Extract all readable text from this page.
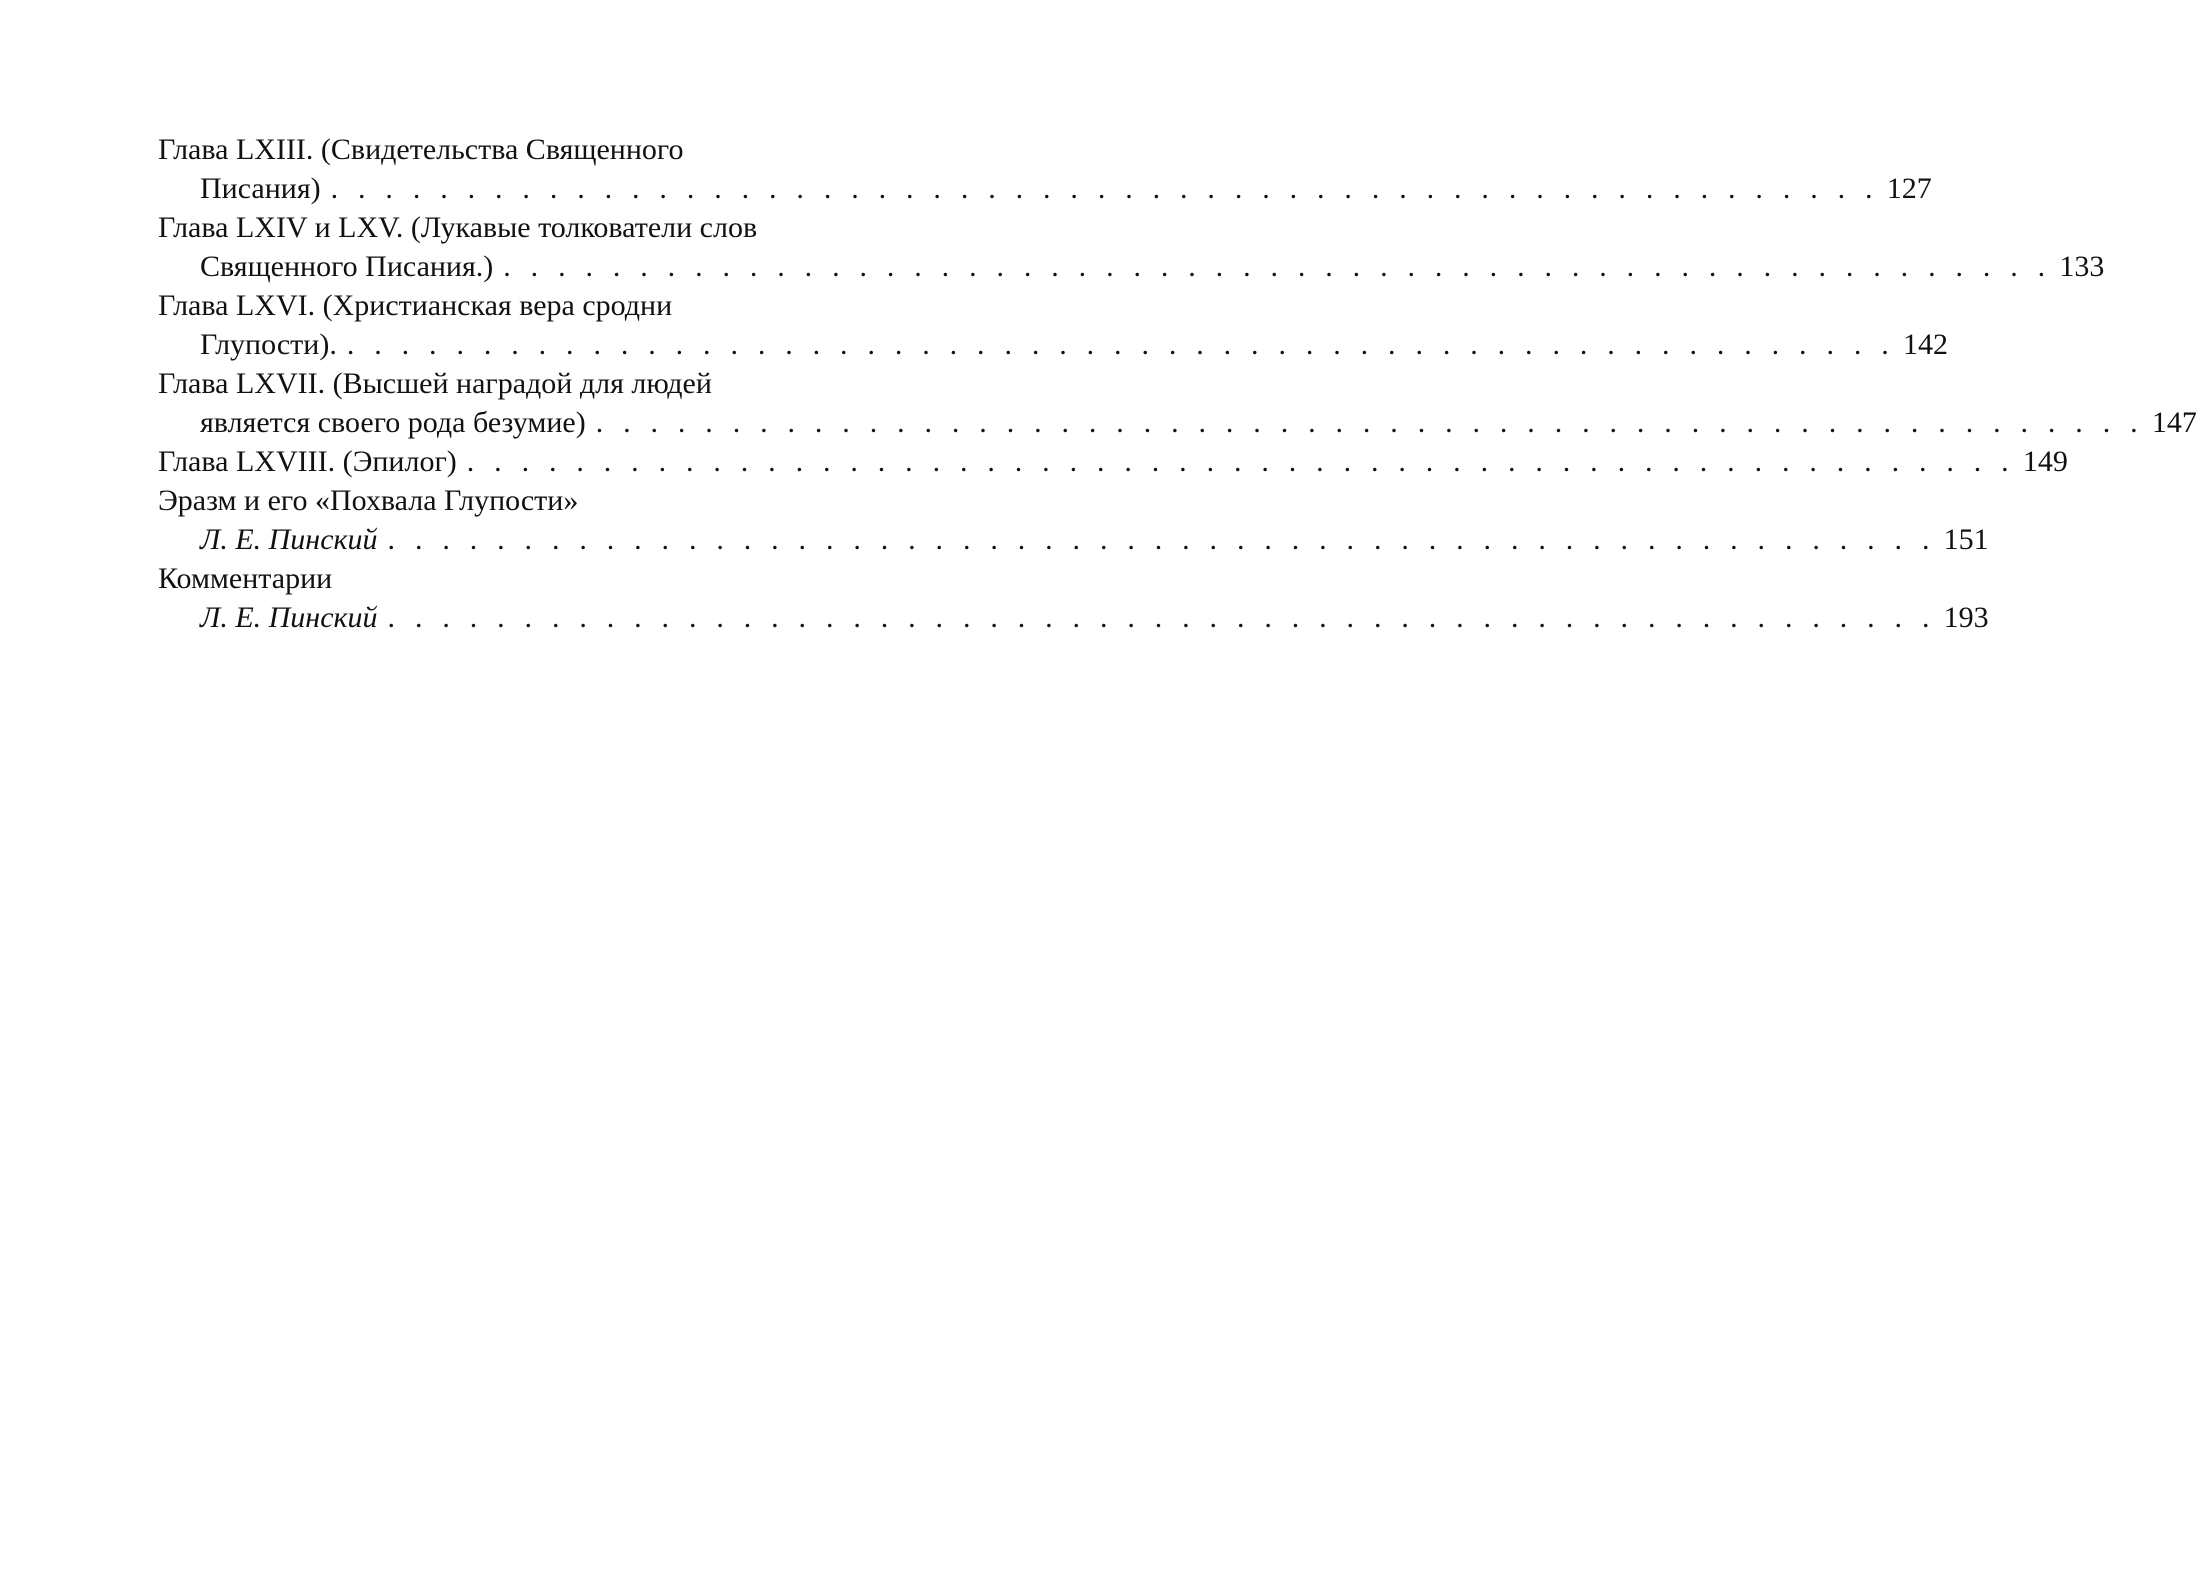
Глава LXIII. (Свидетельства Священного
Писания) . . . . . . . . . . . . . . . . . . . . . . . . . . . . . . . . . . . . . . . . . . . . . . . . . . . . . . . . . 127
Глава LXIV и LXV. (Лукавые толкователи слов
Священного Писания.) . . . . . . . . . . . . . . . . . . . . . . . . . . . . . . . . . . . . . . . . . . . . . . . . . . . . . . . . . 133
Глава LXVI. (Христианская вера сродни
Глупости). . . . . . . . . . . . . . . . . . . . . . . . . . . . . . . . . . . . . . . . . . . . . . . . . . . . . . . . . . 142
Глава LXVII. (Высшей наградой для людей
является своего рода безумие) . . . . . . . . . . . . . . . . . . . . . . . . . . . . . . . . . . . . . . . . . . . . . . . . . . . . . . . . . 147
Глава LXVIII. (Эпилог) . . . . . . . . . . . . . . . . . . . . . . . . . . . . . . . . . . . . . . . . . . . . . . . . . . . . . . . . . 149
Эразм и его «Похвала Глупости»
Л. Е. Пинский . . . . . . . . . . . . . . . . . . . . . . . . . . . . . . . . . . . . . . . . . . . . . . . . . . . . . . . . . 151
Комментарии
Л. Е. Пинский . . . . . . . . . . . . . . . . . . . . . . . . . . . . . . . . . . . . . . . . . . . . . . . . . . . . . . . . . 193
